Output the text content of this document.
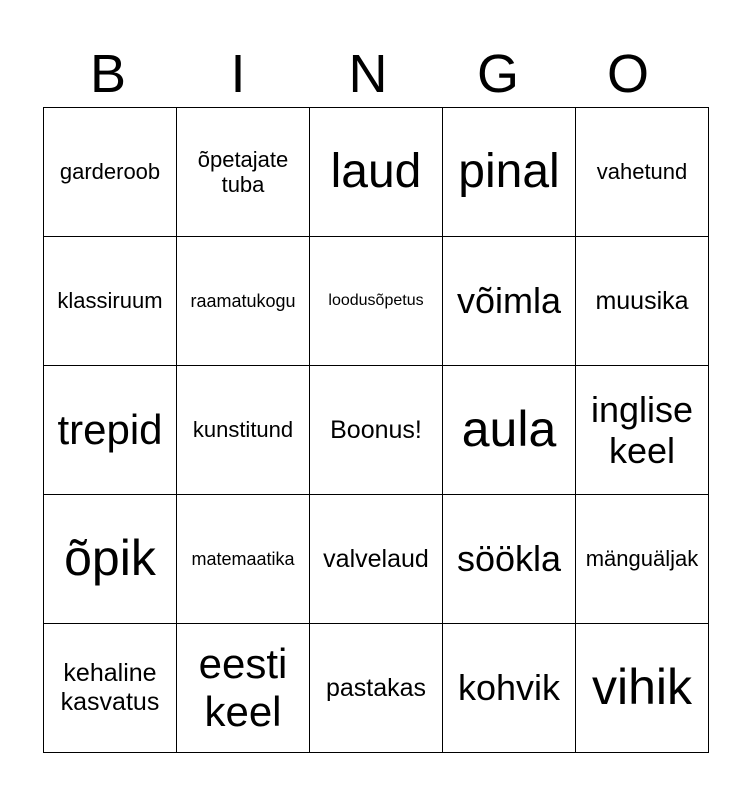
B	I	N	G	O
garderoob	õpetajate tuba	laud	pinal	vahetund
klassiruum	raamatukogu	loodusõpetus	võimla	muusika
trepid	kunstitund	Boonus!	aula	inglise keel
õpik	matemaatika	valvelaud	söökla	mänguäljak
kehaline kasvatus	eesti keel	pastakas	kohvik	vihik
